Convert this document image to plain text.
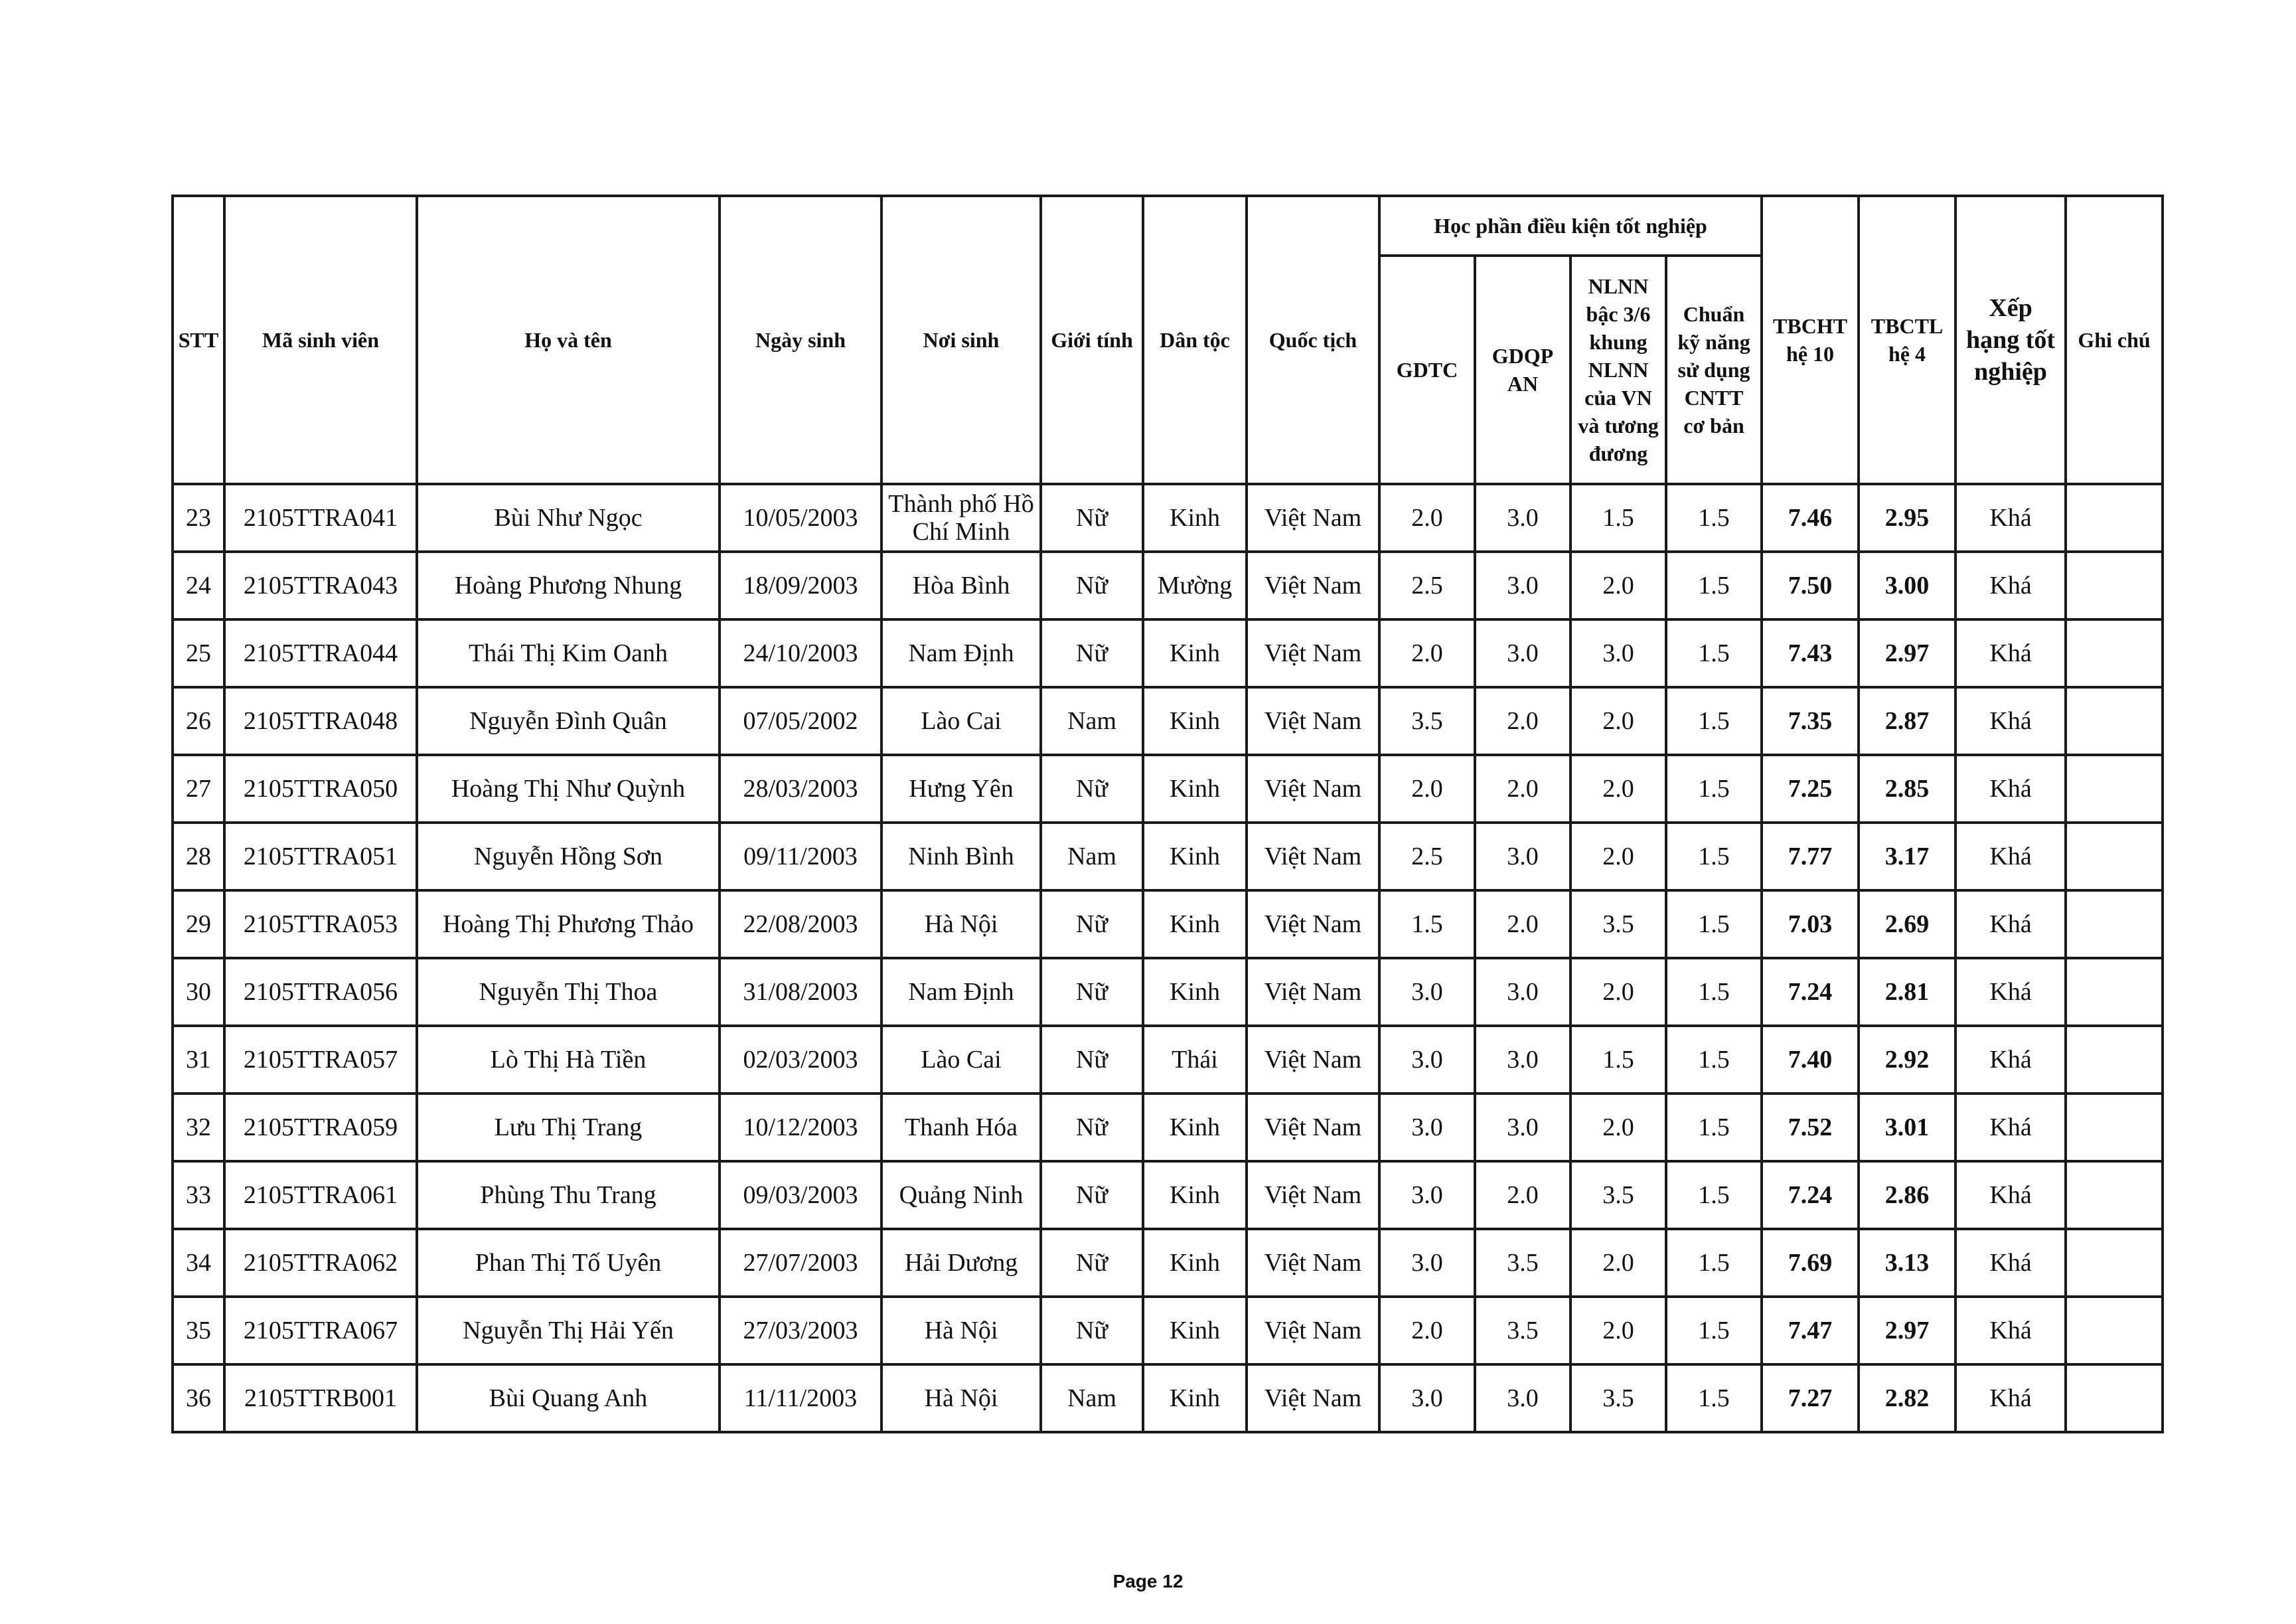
STT	Mã sinh viên	Họ và tên	Ngày sinh	Nơi sinh	Giới tính	Dân tộc	Quốc tịch	Học phần điều kiện tốt nghiệp				TBCHT hệ 10	TBCTL hệ 4	Xếp hạng tốt nghiệp	Ghi chú
								GDTC	GDQP AN	NLNN bậc 3/6 khung NLNN của VN và tương đương	Chuẩn kỹ năng sử dụng CNTT cơ bản				
23	2105TTRA041	Bùi Như Ngọc	10/05/2003	Thành phố Hồ Chí Minh	Nữ	Kinh	Việt Nam	2.0	3.0	1.5	1.5	7.46	2.95	Khá	
24	2105TTRA043	Hoàng Phương Nhung	18/09/2003	Hòa Bình	Nữ	Mường	Việt Nam	2.5	3.0	2.0	1.5	7.50	3.00	Khá	
25	2105TTRA044	Thái Thị Kim Oanh	24/10/2003	Nam Định	Nữ	Kinh	Việt Nam	2.0	3.0	3.0	1.5	7.43	2.97	Khá	
26	2105TTRA048	Nguyễn Đình Quân	07/05/2002	Lào Cai	Nam	Kinh	Việt Nam	3.5	2.0	2.0	1.5	7.35	2.87	Khá	
27	2105TTRA050	Hoàng Thị Như Quỳnh	28/03/2003	Hưng Yên	Nữ	Kinh	Việt Nam	2.0	2.0	2.0	1.5	7.25	2.85	Khá	
28	2105TTRA051	Nguyễn Hồng Sơn	09/11/2003	Ninh Bình	Nam	Kinh	Việt Nam	2.5	3.0	2.0	1.5	7.77	3.17	Khá	
29	2105TTRA053	Hoàng Thị Phương Thảo	22/08/2003	Hà Nội	Nữ	Kinh	Việt Nam	1.5	2.0	3.5	1.5	7.03	2.69	Khá	
30	2105TTRA056	Nguyễn Thị Thoa	31/08/2003	Nam Định	Nữ	Kinh	Việt Nam	3.0	3.0	2.0	1.5	7.24	2.81	Khá	
31	2105TTRA057	Lò Thị Hà Tiền	02/03/2003	Lào Cai	Nữ	Thái	Việt Nam	3.0	3.0	1.5	1.5	7.40	2.92	Khá	
32	2105TTRA059	Lưu Thị Trang	10/12/2003	Thanh Hóa	Nữ	Kinh	Việt Nam	3.0	3.0	2.0	1.5	7.52	3.01	Khá	
33	2105TTRA061	Phùng Thu Trang	09/03/2003	Quảng Ninh	Nữ	Kinh	Việt Nam	3.0	2.0	3.5	1.5	7.24	2.86	Khá	
34	2105TTRA062	Phan Thị Tố Uyên	27/07/2003	Hải Dương	Nữ	Kinh	Việt Nam	3.0	3.5	2.0	1.5	7.69	3.13	Khá	
35	2105TTRA067	Nguyễn Thị Hải Yến	27/03/2003	Hà Nội	Nữ	Kinh	Việt Nam	2.0	3.5	2.0	1.5	7.47	2.97	Khá	
36	2105TTRB001	Bùi Quang Anh	11/11/2003	Hà Nội	Nam	Kinh	Việt Nam	3.0	3.0	3.5	1.5	7.27	2.82	Khá	
Page 12
